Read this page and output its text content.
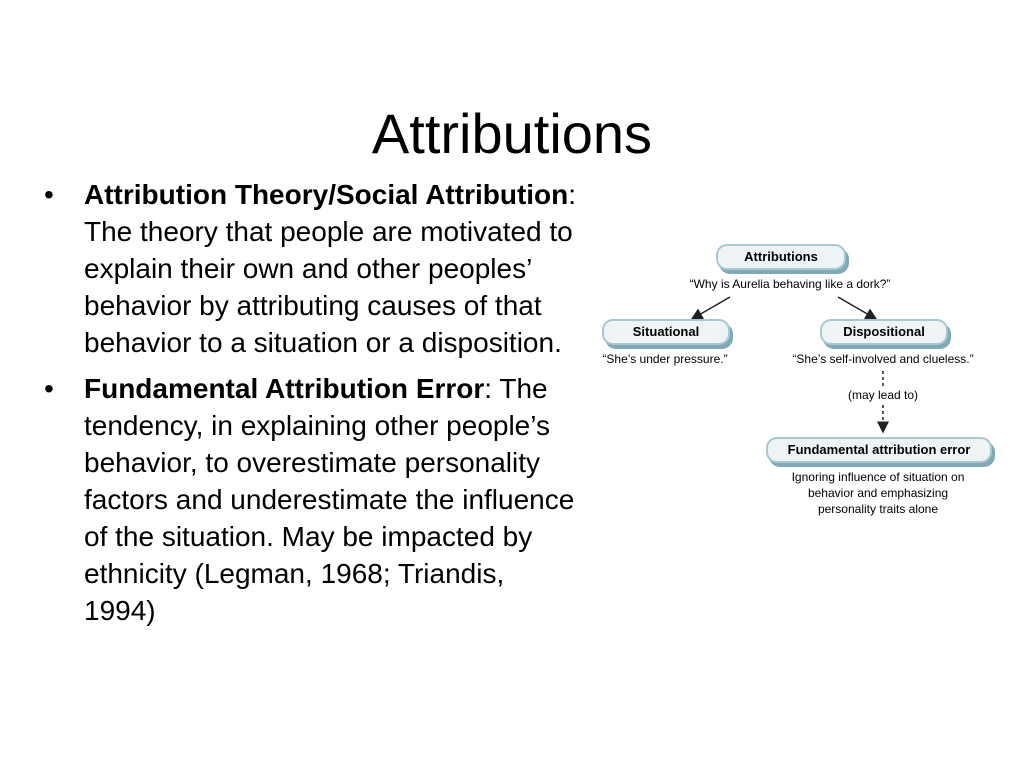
Attributions
• Attribution Theory/Social Attribution: The theory that people are motivated to explain their own and other peoples’ behavior by attributing causes of that behavior to a situation or a disposition.
• Fundamental Attribution Error: The tendency, in explaining other people’s behavior, to overestimate personality factors and underestimate the influence of the situation. May be impacted by ethnicity (Legman, 1968; Triandis, 1994)
Attributions
“Why is Aurelia behaving like a dork?”
Situational	Dispositional
“She’s under pressure.”	“She’s self-involved and clueless.”
(may lead to)
Fundamental attribution error
Ignoring influence of situation on
behavior and emphasizing
personality traits alone
